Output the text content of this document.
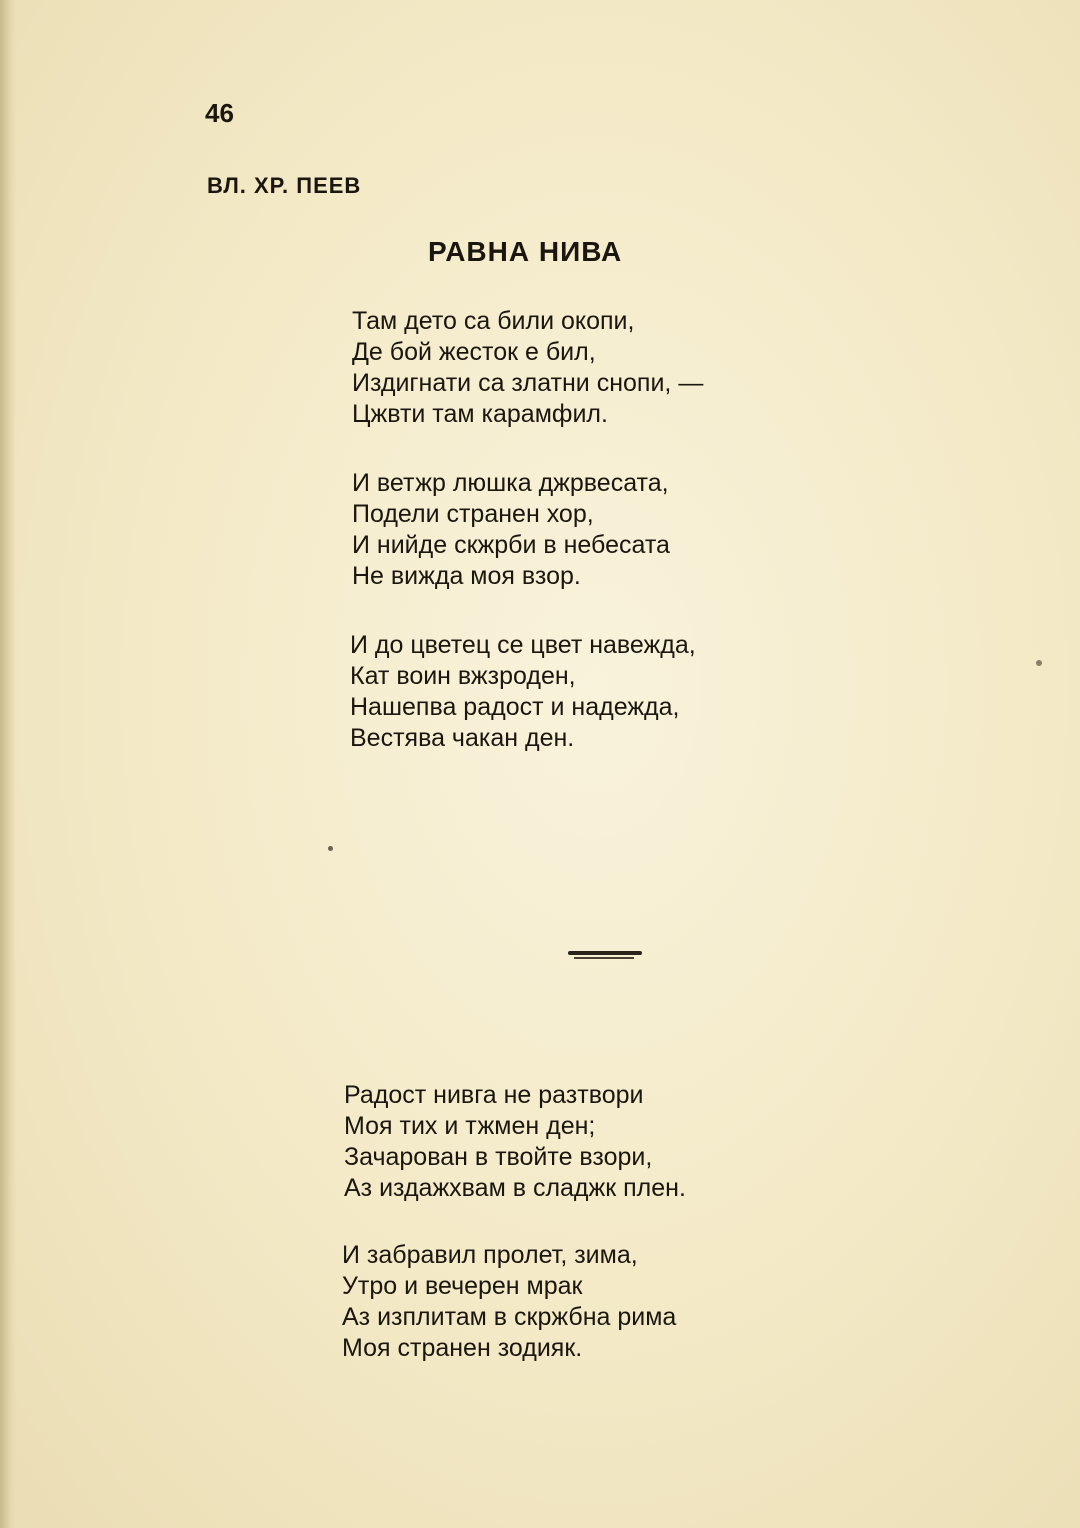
46
ВЛ. ХР. ПЕЕВ
РАВНА НИВА
Там дето са били окопи,
Де бой жесток е бил,
Издигнати са златни снопи, —
Цжвти там карамфил.
И ветжр люшка джрвесата,
Подели странен хор,
И нийде скжрби в небесата
Не вижда моя взор.
И до цветец се цвет навежда,
Кат воин вжзроден,
Нашепва радост и надежда,
Вестява чакан ден.
Радост нивга не разтвори
Моя тих и тжмен ден;
Зачарован в твойте взори,
Аз издажхвам в сладжк плен.
И забравил пролет, зима,
Утро и вечерен мрак
Аз изплитам в скржбна рима
Моя странен зодияк.
